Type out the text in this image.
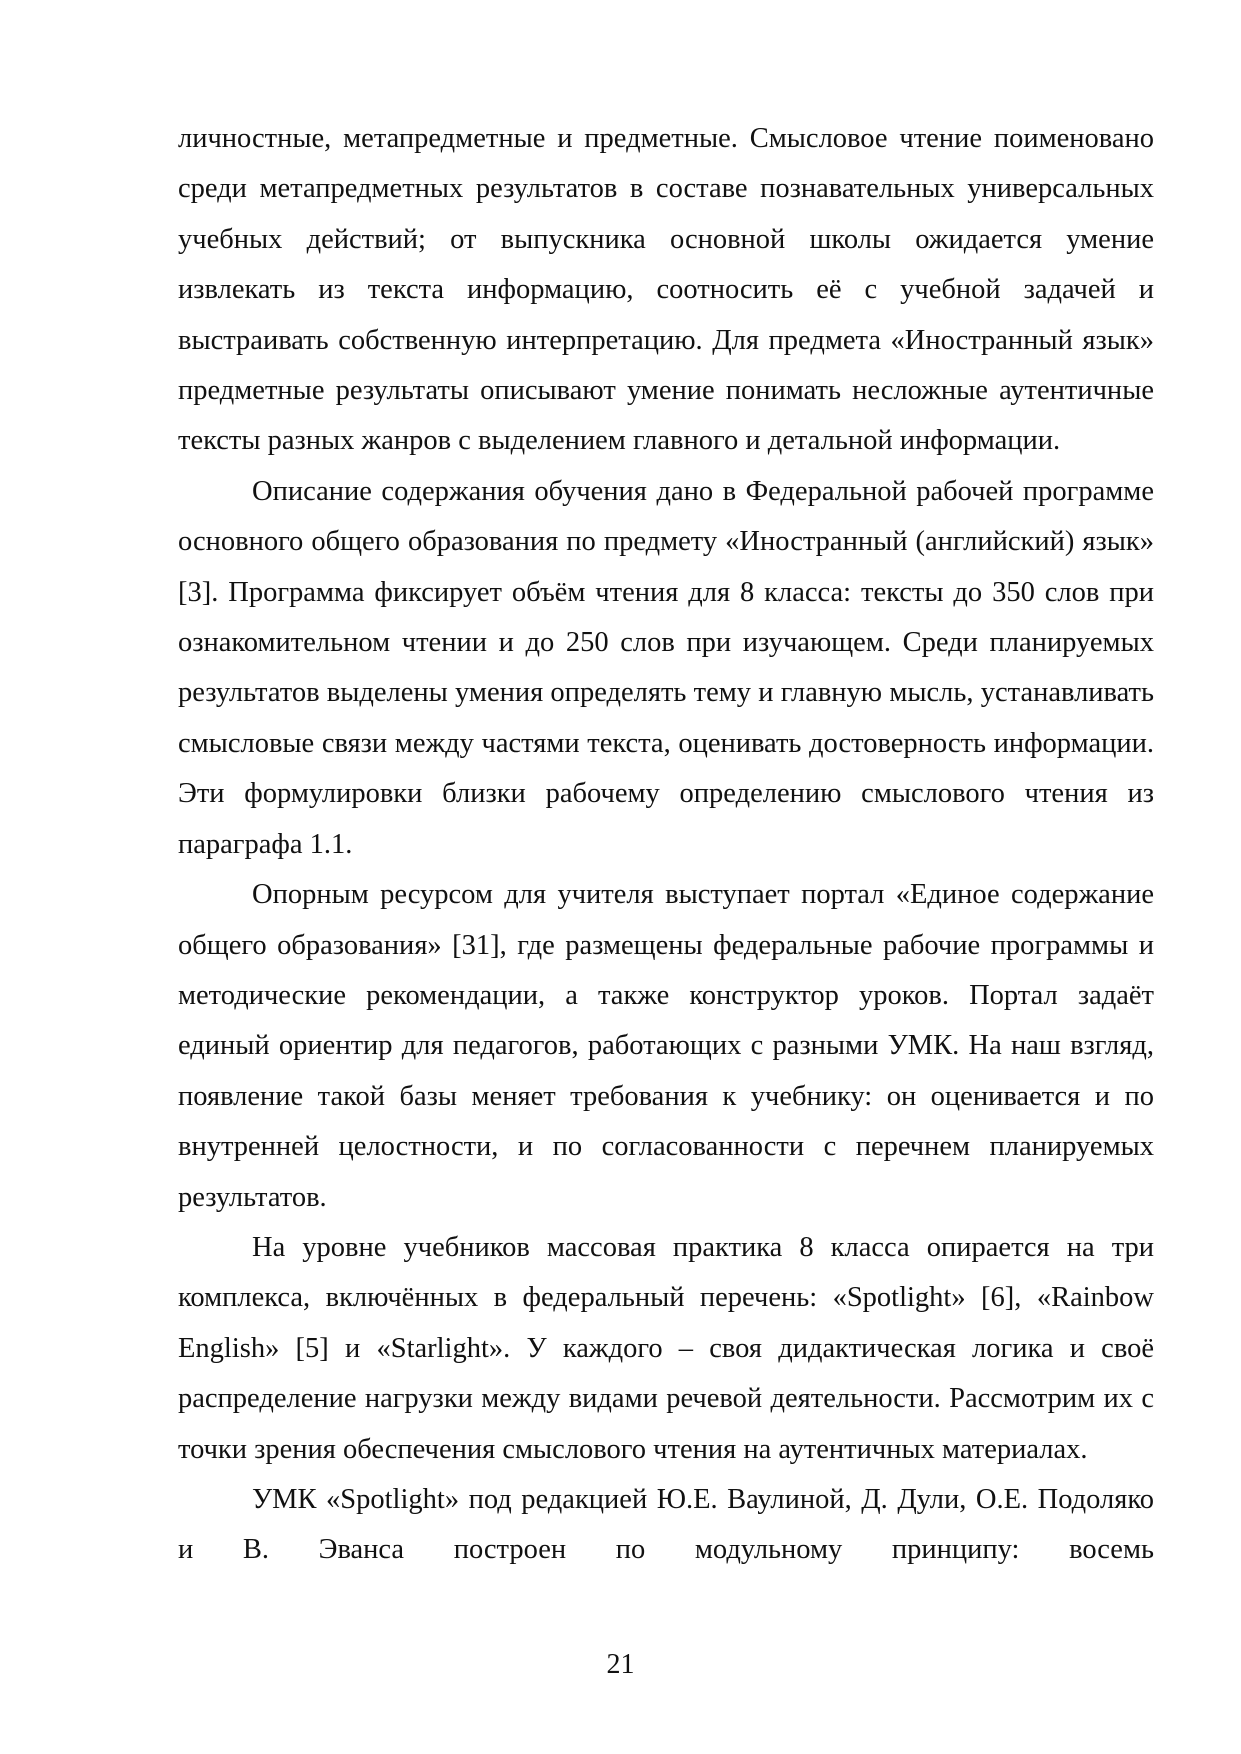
личностные, метапредметные и предметные. Смысловое чтение поименовано среди метапредметных результатов в составе познавательных универсальных учебных действий; от выпускника основной школы ожидается умение извлекать из текста информацию, соотносить её с учебной задачей и выстраивать собственную интерпретацию. Для предмета «Иностранный язык» предметные результаты описывают умение понимать несложные аутентичные тексты разных жанров с выделением главного и детальной информации.

Описание содержания обучения дано в Федеральной рабочей программе основного общего образования по предмету «Иностранный (английский) язык» [3]. Программа фиксирует объём чтения для 8 класса: тексты до 350 слов при ознакомительном чтении и до 250 слов при изучающем. Среди планируемых результатов выделены умения определять тему и главную мысль, устанавливать смысловые связи между частями текста, оценивать достоверность информации. Эти формулировки близки рабочему определению смыслового чтения из параграфа 1.1.

Опорным ресурсом для учителя выступает портал «Единое содержание общего образования» [31], где размещены федеральные рабочие программы и методические рекомендации, а также конструктор уроков. Портал задаёт единый ориентир для педагогов, работающих с разными УМК. На наш взгляд, появление такой базы меняет требования к учебнику: он оценивается и по внутренней целостности, и по согласованности с перечнем планируемых результатов.

На уровне учебников массовая практика 8 класса опирается на три комплекса, включённых в федеральный перечень: «Spotlight» [6], «Rainbow English» [5] и «Starlight». У каждого – своя дидактическая логика и своё распределение нагрузки между видами речевой деятельности. Рассмотрим их с точки зрения обеспечения смыслового чтения на аутентичных материалах.

УМК «Spotlight» под редакцией Ю.Е. Ваулиной, Д. Дули, О.Е. Подоляко и В. Эванса построен по модульному принципу: восемь

21
